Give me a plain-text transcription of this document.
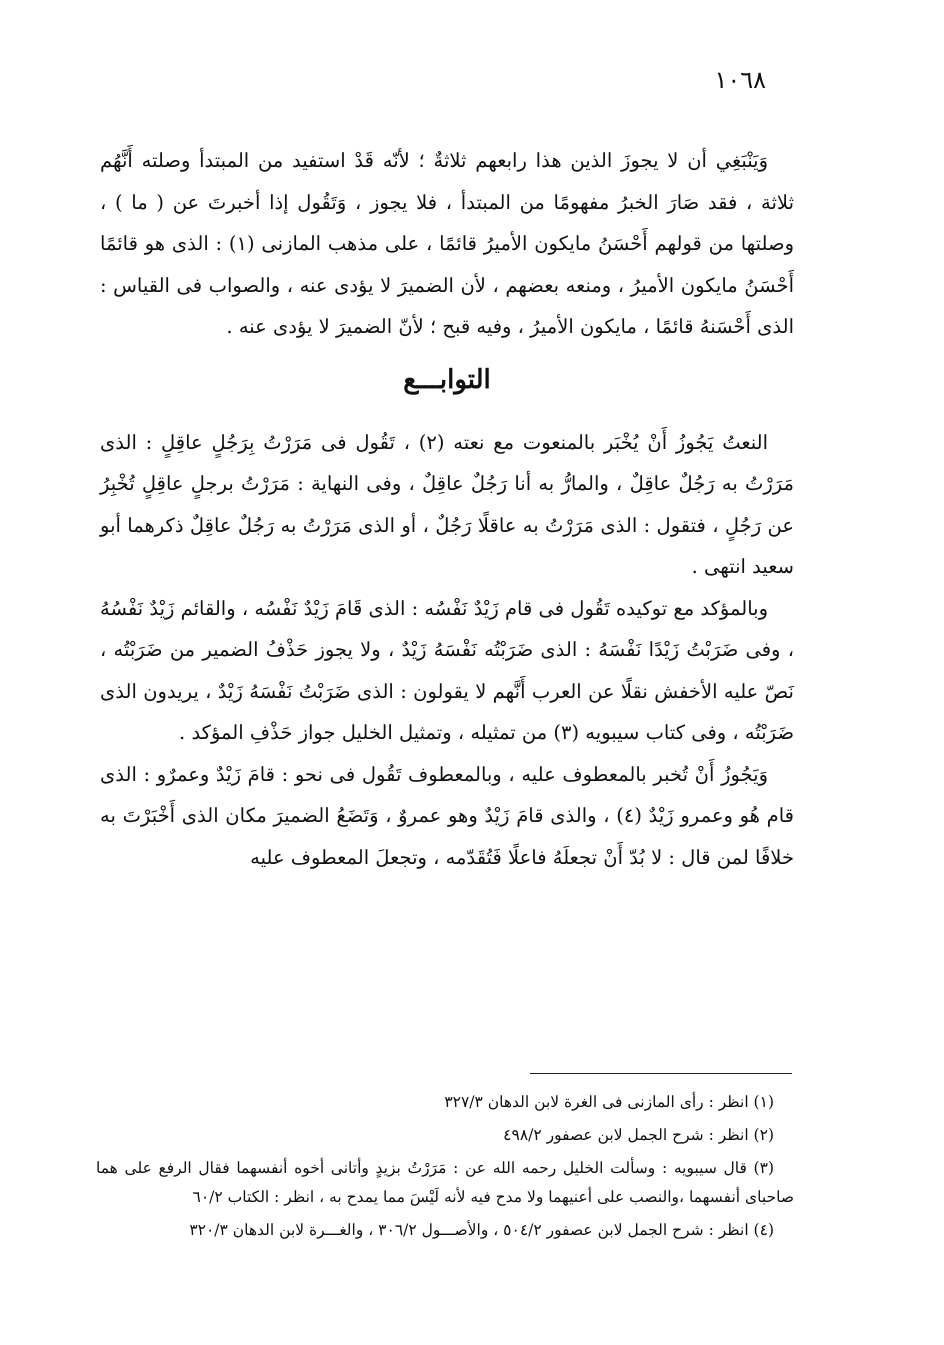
١٠٦٨

وَيَنْبَغِي أن لا يجوزَ الذين هذا رابعهم ثلاثةٌ ؛ لأنّه قَدْ استفيد من المبتدأ وصلته أَنَّهُم ثلاثة ، فقد صَارَ الخبرُ مفهومًا من المبتدأ ، فلا يجوز ، وَتَقُول إذا أخبرتَ عن ( ما ) ، وصلتها من قولهم أَحْسَنُ مايكون الأميرُ قائمًا ، على مذهب المازنى (١) : الذى هو قائمًا أَحْسَنُ مايكون الأميرُ ، ومنعه بعضهم ، لأن الضميرَ لا يؤدى عنه ، والصواب فى القياس : الذى أَحْسَنهُ قائمًا ، مايكون الأميرُ ، وفيه قبح ؛ لأنّ الضميرَ لا يؤدى عنه .

التوابـــع

النعتُ يَجُوزُ أَنْ يُخْبَر بالمنعوت مع نعته (٢) ، تَقُول فى مَرَرْتُ بِرَجُلٍ عاقِلٍ : الذى مَرَرْتُ به رَجُلٌ عاقِلٌ ، والمارُّ به أنا رَجُلٌ عاقِلٌ ، وفى النهاية : مَرَرْتُ برجلٍ عاقِلٍ تُخْبِرُ عن رَجُلٍ ، فتقول : الذى مَرَرْتُ به عاقلًا رَجُلٌ ، أو الذى مَرَرْتُ به رَجُلٌ عاقِلٌ ذكرهما أبو سعيد انتهى .

وبالمؤكد مع توكيده تَقُول فى قام زَيْدٌ نَفْسُه : الذى قَامَ زَيْدٌ نَفْسُه ، والقائم زَيْدٌ نَفْسُهُ ، وفى ضَرَبْتُ زَيْدًا نَفْسَهُ : الذى ضَرَبْتُه نَفْسَهُ زَيْدٌ ، ولا يجوز حَذْفُ الضمير من ضَرَبْتُه ، نَصّ عليه الأخفش نقلًا عن العرب أَنَّهم لا يقولون : الذى ضَرَبْتُ نَفْسَهُ زَيْدٌ ، يريدون الذى ضَرَبْتُه ، وفى كتاب سيبويه (٣) من تمثيله ، وتمثيل الخليل جواز حَذْفِ المؤكد .

وَيَجُوزُ أَنْ تُخبر بالمعطوف عليه ، وبالمعطوف تَقُول فى نحو : قامَ زَيْدٌ وعمرٌو : الذى قام هُو وعمرو زَيْدٌ (٤) ، والذى قامَ زَيْدٌ وهو عمروٌ ، وَتَضَعُ الضميرَ مكان الذى أَخْبَرْتَ به خلافًا لمن قال : لا بُدّ أَنْ تجعلَهُ فاعلًا فَتُقَدّمه ، وتجعلَ المعطوف عليه

(١) انظر : رأى المازنى فى الغرة لابن الدهان ٣٢٧/٣

(٢) انظر : شرح الجمل لابن عصفور ٤٩٨/٢

(٣) قال سيبويه : وسألت الخليل رحمه الله عن : مَرَرْتُ بزيدٍ وأتانى أخوه أنفسهما فقال الرفع على هما صاحباى أنفسهما ،والنصب على أعنيهما ولا مدح فيه لأنه لَيْسَ مما يمدح به ، انظر : الكتاب ٦٠/٢

(٤) انظر : شرح الجمل لابن عصفور ٥٠٤/٢ ، والأصـــول ٣٠٦/٢ ، والغـــرة لابن الدهان ٣٢٠/٣
